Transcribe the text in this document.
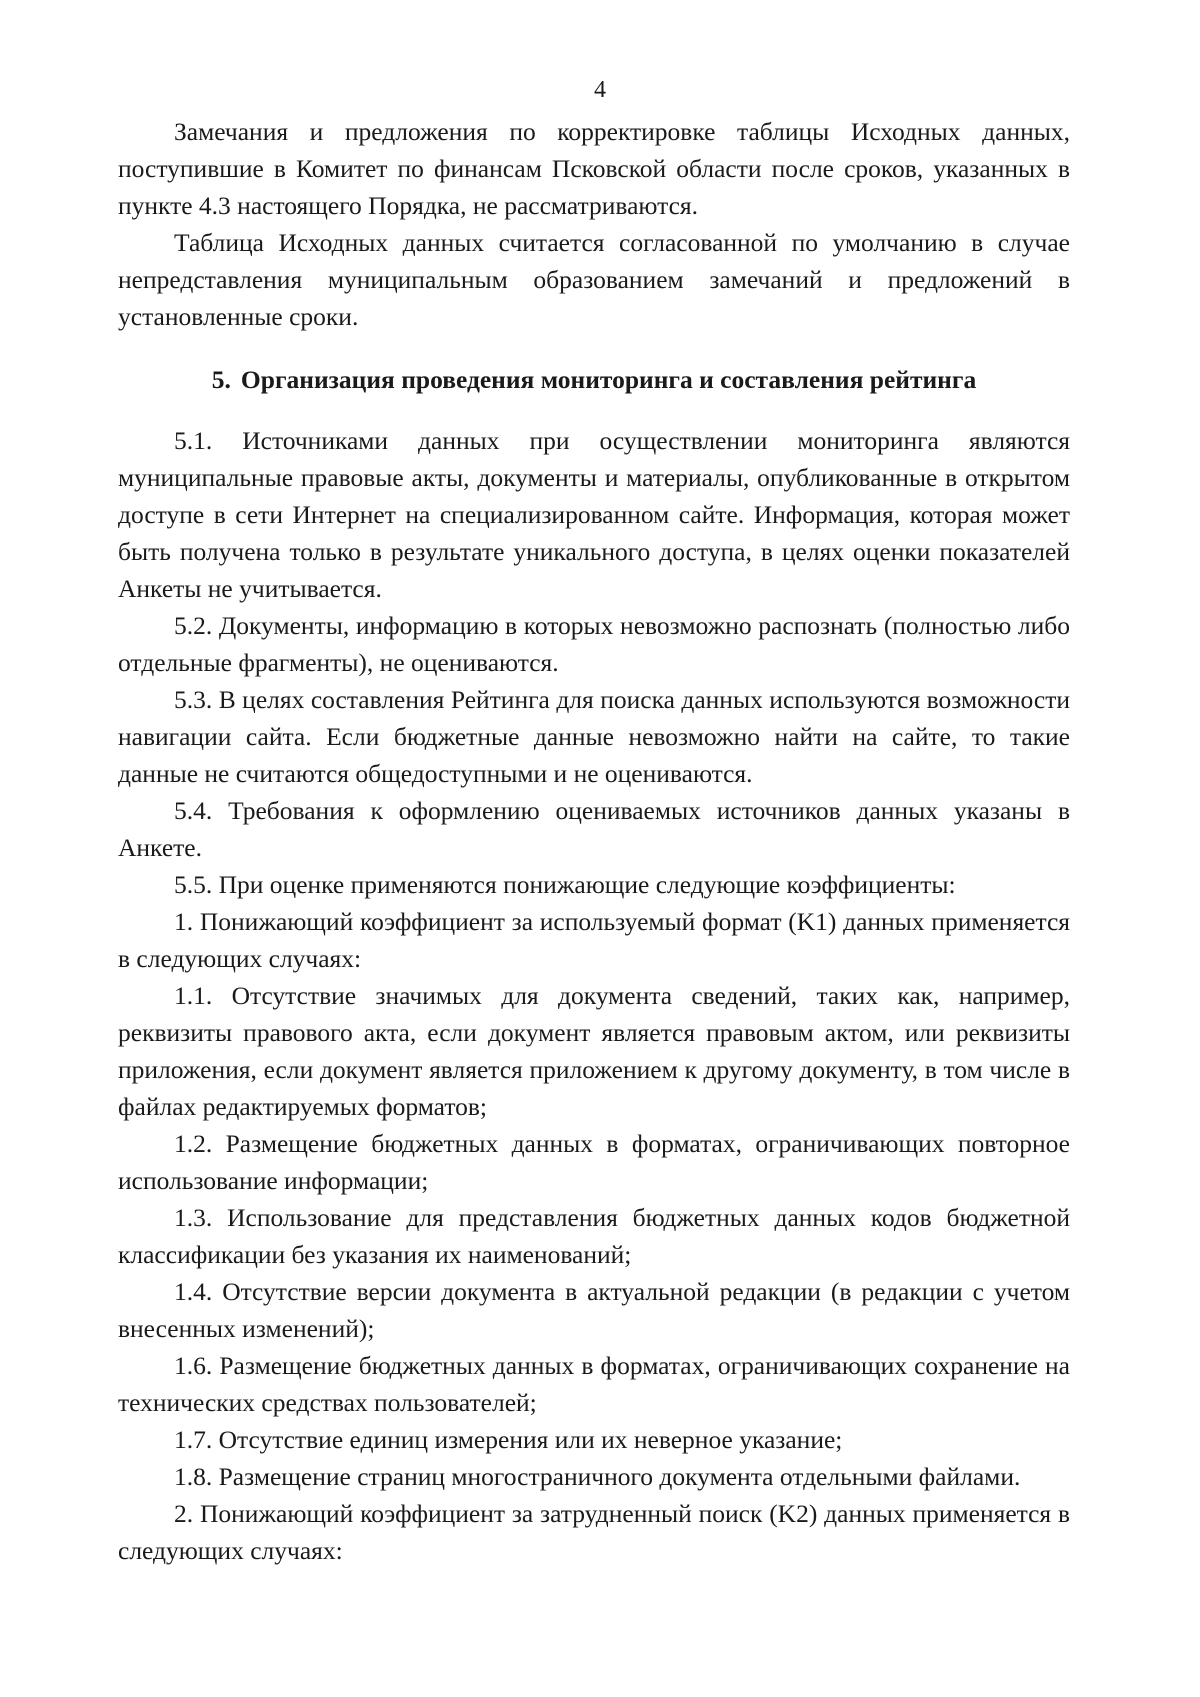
4

Замечания и предложения по корректировке таблицы Исходных данных, поступившие в Комитет по финансам Псковской области после сроков, указанных в пункте 4.3 настоящего Порядка, не рассматриваются.

Таблица Исходных данных считается согласованной по умолчанию в случае непредставления муниципальным образованием замечаний и предложений в установленные сроки.

5. Организация проведения мониторинга и составления рейтинга

5.1. Источниками данных при осуществлении мониторинга являются муниципальные правовые акты, документы и материалы, опубликованные в открытом доступе в сети Интернет на специализированном сайте. Информация, которая может быть получена только в результате уникального доступа, в целях оценки показателей Анкеты не учитывается.

5.2. Документы, информацию в которых невозможно распознать (полностью либо отдельные фрагменты), не оцениваются.

5.3. В целях составления Рейтинга для поиска данных используются возможности навигации сайта. Если бюджетные данные невозможно найти на сайте, то такие данные не считаются общедоступными и не оцениваются.

5.4. Требования к оформлению оцениваемых источников данных указаны в Анкете.

5.5. При оценке применяются понижающие следующие коэффициенты:

1. Понижающий коэффициент за используемый формат (K1) данных применяется в следующих случаях:

1.1. Отсутствие значимых для документа сведений, таких как, например, реквизиты правового акта, если документ является правовым актом, или реквизиты приложения, если документ является приложением к другому документу, в том числе в файлах редактируемых форматов;

1.2. Размещение бюджетных данных в форматах, ограничивающих повторное использование информации;

1.3. Использование для представления бюджетных данных кодов бюджетной классификации без указания их наименований;

1.4. Отсутствие версии документа в актуальной редакции (в редакции с учетом внесенных изменений);

1.6. Размещение бюджетных данных в форматах, ограничивающих сохранение на технических средствах пользователей;

1.7. Отсутствие единиц измерения или их неверное указание;

1.8. Размещение страниц многостраничного документа отдельными файлами.

2. Понижающий коэффициент за затрудненный поиск (K2) данных применяется в следующих случаях:
